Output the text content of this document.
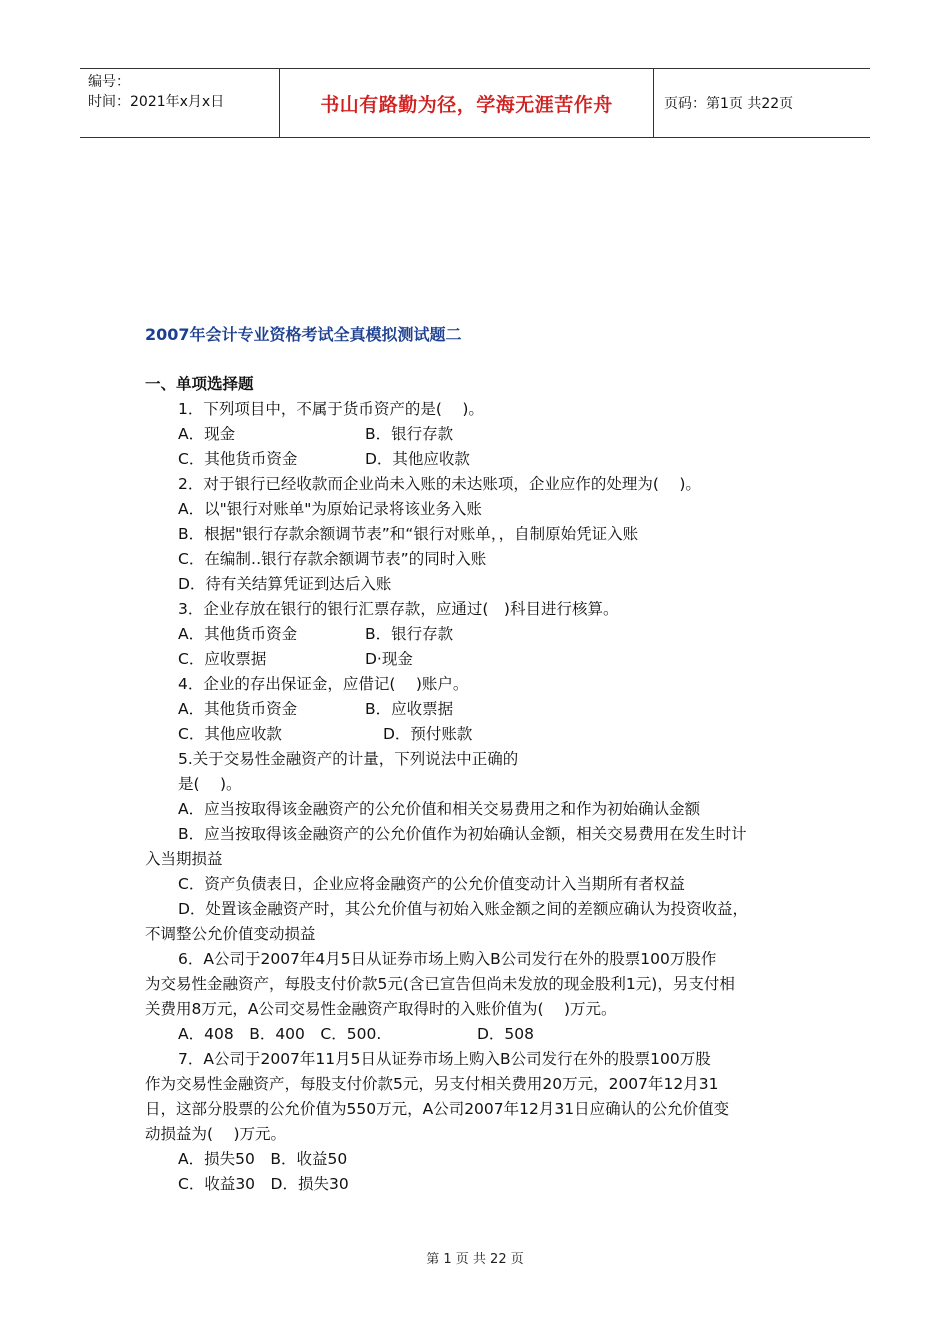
编号：
时间：2021年x月x日	书山有路勤为径，学海无涯苦作舟	页码：第1页 共22页
2007年会计专业资格考试全真模拟测试题二
一、单项选择题
1．下列项目中，不属于货币资产的是(　 )。
A．现金	B．银行存款
C．其他货币资金	D．其他应收款
2．对于银行已经收款而企业尚未入账的未达账项，企业应作的处理为(　 )。
A．以"银行对账单"为原始记录将该业务入账
B．根据"银行存款余额调节表”和“银行对账单，，自制原始凭证入账
C．在编制‥银行存款余额调节表”的同时入账
D．待有关结算凭证到达后入账
3．企业存放在银行的银行汇票存款，应通过(　)科目进行核算。
A．其他货币资金	B．银行存款
C．应收票据	D·现金
4．企业的存出保证金，应借记(　 )账户。
A．其他货币资金	B．应收票据
C．其他应收款	D．预付账款
5.关于交易性金融资产的计量，下列说法中正确的
是(　 )。
A．应当按取得该金融资产的公允价值和相关交易费用之和作为初始确认金额
B．应当按取得该金融资产的公允价值作为初始确认金额，相关交易费用在发生时计
入当期损益
C．资产负债表日，企业应将金融资产的公允价值变动计入当期所有者权益
D．处置该金融资产时，其公允价值与初始入账金额之间的差额应确认为投资收益，
不调整公允价值变动损益
6．A公司于2007年4月5日从证券市场上购入B公司发行在外的股票100万股作
为交易性金融资产，每股支付价款5元(含已宣告但尚未发放的现金股利1元)，另支付相
关费用8万元，A公司交易性金融资产取得时的入账价值为(　 )万元。
A．408　B．400　C．500.	D．508
7．A公司于2007年11月5日从证券市场上购入B公司发行在外的股票100万股
作为交易性金融资产，每股支付价款5元，另支付相关费用20万元，2007年12月31
日，这部分股票的公允价值为550万元，A公司2007年12月31日应确认的公允价值变
动损益为(　 )万元。
A．损失50　B．收益50
C．收益30　D．损失30
第 1 页 共 22 页
